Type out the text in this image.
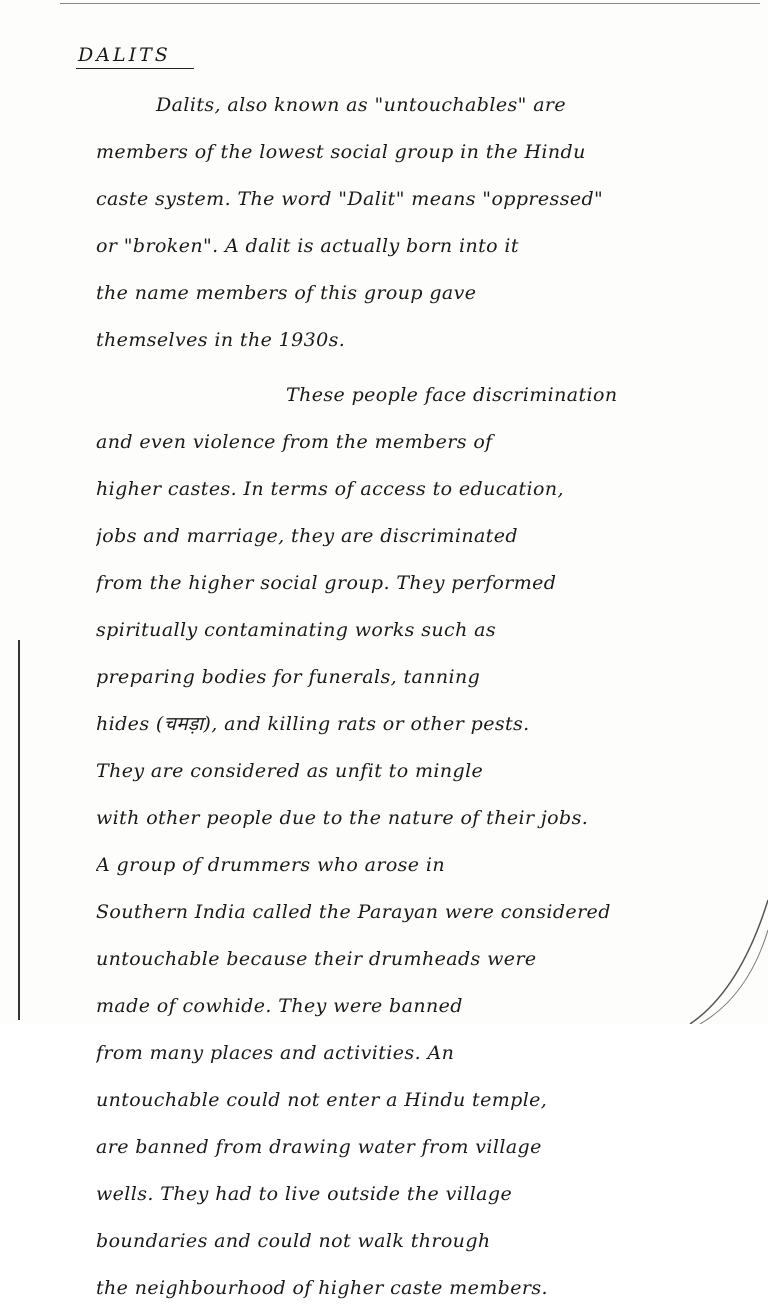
DALITS
Dalits, also known as "untouchables" are
members of the lowest social group in the Hindu
caste system. The word "Dalit" means "oppressed"
or "broken". A dalit is actually born into it
the name members of this group gave
themselves in the 1930s.
These people face discrimination
and even violence from the members of
higher castes. In terms of access to education,
jobs and marriage, they are discriminated
from the higher social group. They performed
spiritually contaminating works such as
preparing bodies for funerals, tanning
hides (चमड़ा), and killing rats or other pests.
They are considered as unfit to mingle
with other people due to the nature of their jobs.
A group of drummers who arose in
Southern India called the Parayan were considered
untouchable because their drumheads were
made of cowhide. They were banned
from many places and activities. An
untouchable could not enter a Hindu temple,
are banned from drawing water from village
wells. They had to live outside the village
boundaries and could not walk through
the neighbourhood of higher caste members.
